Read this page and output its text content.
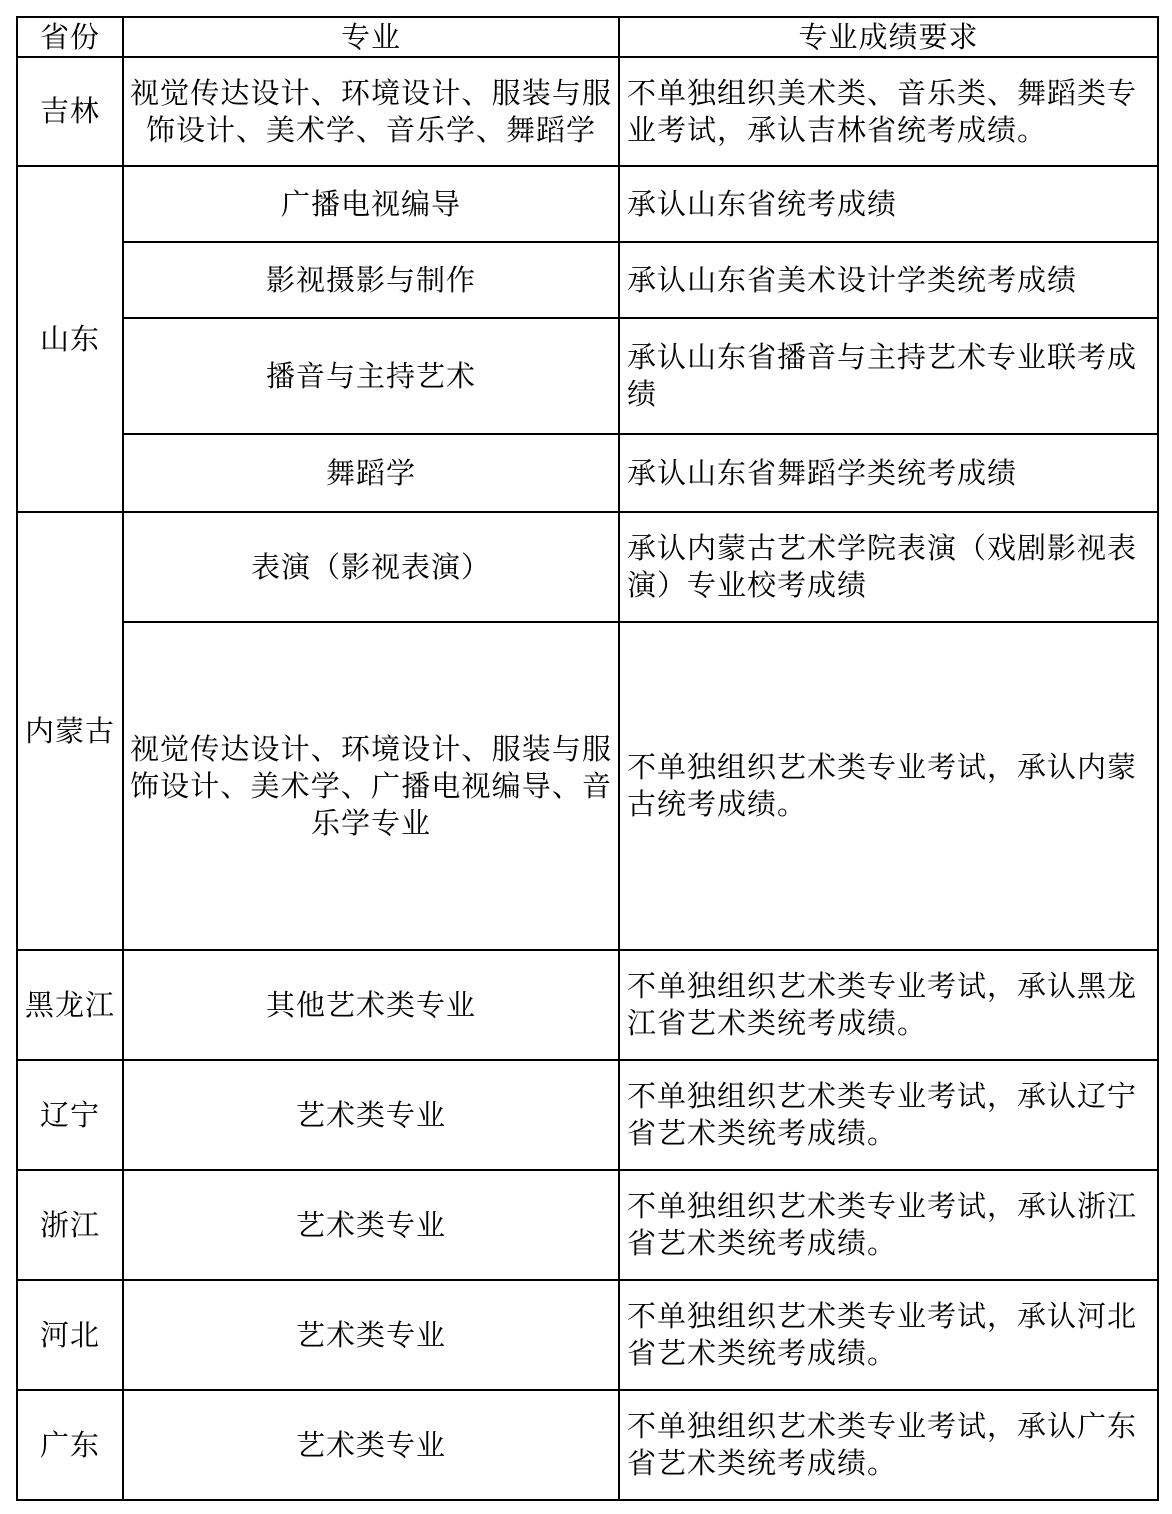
省份	专业	专业成绩要求
吉林	视觉传达设计、环境设计、服装与服饰设计、美术学、音乐学、舞蹈学	不单独组织美术类、音乐类、舞蹈类专业考试，承认吉林省统考成绩。
山东	广播电视编导	承认山东省统考成绩
	影视摄影与制作	承认山东省美术设计学类统考成绩
	播音与主持艺术	承认山东省播音与主持艺术专业联考成绩
	舞蹈学	承认山东省舞蹈学类统考成绩
内蒙古	表演（影视表演）	承认内蒙古艺术学院表演（戏剧影视表演）专业校考成绩
	视觉传达设计、环境设计、服装与服饰设计、美术学、广播电视编导、音乐学专业	不单独组织艺术类专业考试，承认内蒙古统考成绩。
黑龙江	其他艺术类专业	不单独组织艺术类专业考试，承认黑龙江省艺术类统考成绩。
辽宁	艺术类专业	不单独组织艺术类专业考试，承认辽宁省艺术类统考成绩。
浙江	艺术类专业	不单独组织艺术类专业考试，承认浙江省艺术类统考成绩。
河北	艺术类专业	不单独组织艺术类专业考试，承认河北省艺术类统考成绩。
广东	艺术类专业	不单独组织艺术类专业考试，承认广东省艺术类统考成绩。
